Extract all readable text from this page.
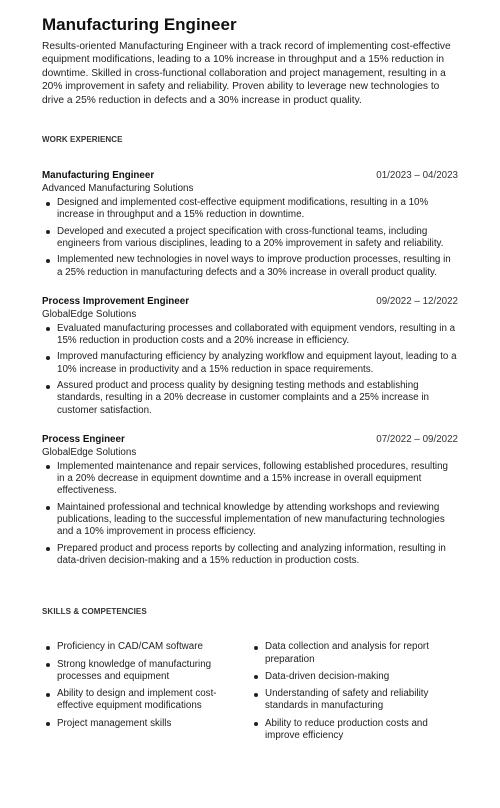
Manufacturing Engineer

Results-oriented Manufacturing Engineer with a track record of implementing cost-effective equipment modifications, leading to a 10% increase in throughput and a 15% reduction in downtime. Skilled in cross-functional collaboration and project management, resulting in a 20% improvement in safety and reliability. Proven ability to leverage new technologies to drive a 25% reduction in defects and a 30% increase in product quality.

WORK EXPERIENCE
Manufacturing Engineer	01/2023 – 04/2023
Advanced Manufacturing Solutions
Designed and implemented cost-effective equipment modifications, resulting in a 10% increase in throughput and a 15% reduction in downtime.
Developed and executed a project specification with cross-functional teams, including engineers from various disciplines, leading to a 20% improvement in safety and reliability.
Implemented new technologies in novel ways to improve production processes, resulting in a 25% reduction in manufacturing defects and a 30% increase in overall product quality.
Process Improvement Engineer	09/2022 – 12/2022
GlobalEdge Solutions
Evaluated manufacturing processes and collaborated with equipment vendors, resulting in a 15% reduction in production costs and a 20% increase in efficiency.
Improved manufacturing efficiency by analyzing workflow and equipment layout, leading to a 10% increase in productivity and a 15% reduction in space requirements.
Assured product and process quality by designing testing methods and establishing standards, resulting in a 20% decrease in customer complaints and a 25% increase in customer satisfaction.
Process Engineer	07/2022 – 09/2022
GlobalEdge Solutions
Implemented maintenance and repair services, following established procedures, resulting in a 20% decrease in equipment downtime and a 15% increase in overall equipment effectiveness.
Maintained professional and technical knowledge by attending workshops and reviewing publications, leading to the successful implementation of new manufacturing technologies and a 10% improvement in process efficiency.
Prepared product and process reports by collecting and analyzing information, resulting in data-driven decision-making and a 15% reduction in production costs.
SKILLS & COMPETENCIES
Proficiency in CAD/CAM software
Strong knowledge of manufacturing processes and equipment
Ability to design and implement cost-effective equipment modifications
Project management skills
Data collection and analysis for report preparation
Data-driven decision-making
Understanding of safety and reliability standards in manufacturing
Ability to reduce production costs and improve efficiency
